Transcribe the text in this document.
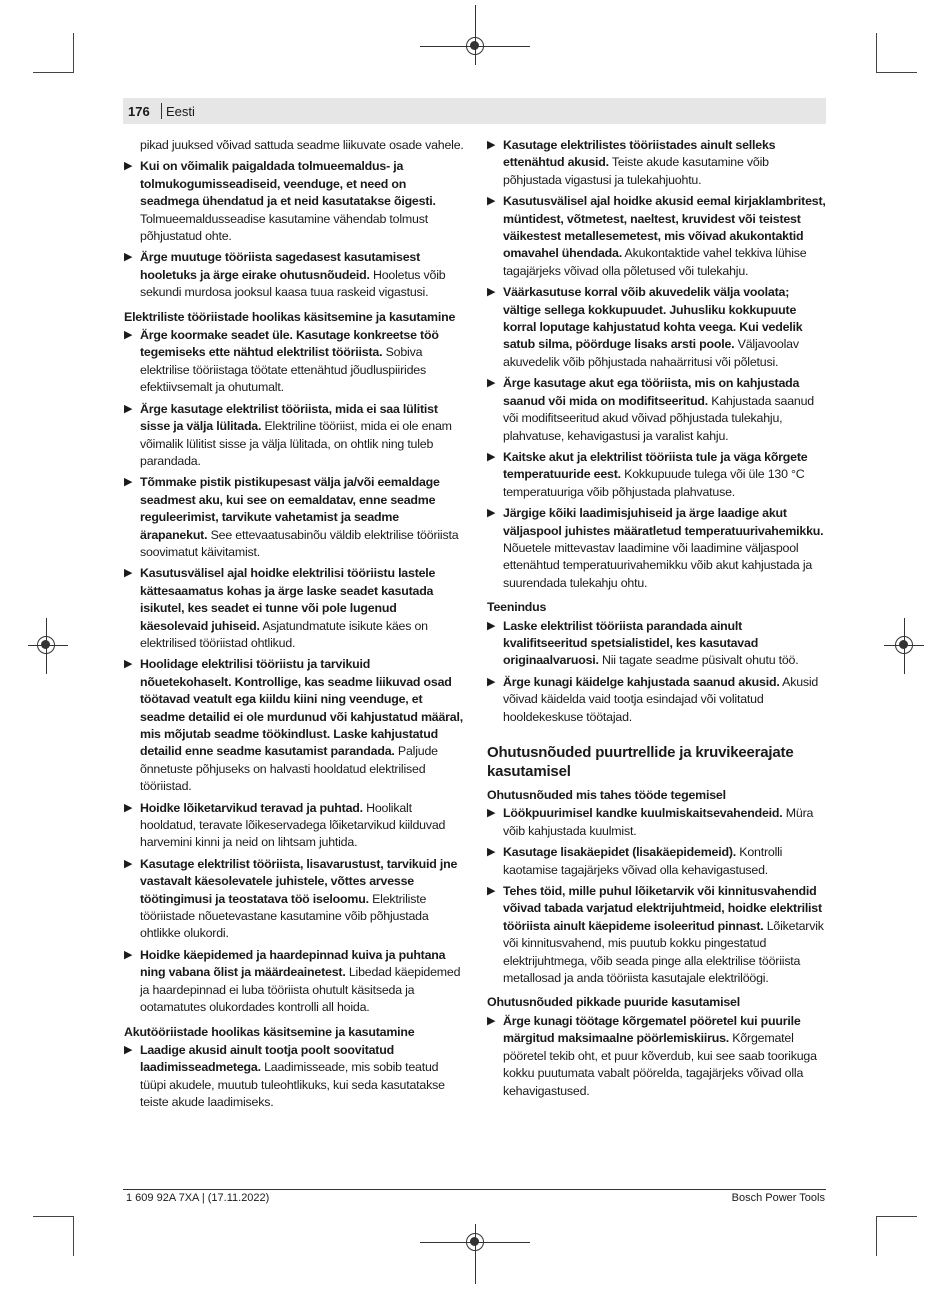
176 Eesti
pikad juuksed võivad sattuda seadme liikuvate osade vahele.
▶ Kui on võimalik paigaldada tolmueemaldus- ja tolmukogumisseadiseid, veenduge, et need on seadmega ühendatud ja et neid kasutatakse õigesti. Tolmueemaldusseadise kasutamine vähendab tolmust põhjustatud ohte.
▶ Ärge muutuge tööriista sagedasest kasutamisest hooletuks ja ärge eirake ohutusnõudeid. Hooletus võib sekundi murdosa jooksul kaasa tuua raskeid vigastusi.
Elektriliste tööriistade hoolikas käsitsemine ja kasutamine
▶ Ärge koormake seadet üle. Kasutage konkreetse töö tegemiseks ette nähtud elektrilist tööriista. Sobiva elektrilise tööriistaga töötate ettenähtud jõudluspiirides efektiivsemalt ja ohutumalt.
▶ Ärge kasutage elektrilist tööriista, mida ei saa lülitist sisse ja välja lülitada. Elektriline tööriist, mida ei ole enam võimalik lülitist sisse ja välja lülitada, on ohtlik ning tuleb parandada.
▶ Tõmmake pistik pistikupesast välja ja/või eemaldage seadmest aku, kui see on eemaldatav, enne seadme reguleerimist, tarvikute vahetamist ja seadme ärapanekut. See ettevaatusabinõu väldib elektrilise tööriista soovimatut käivitamist.
▶ Kasutusvälisel ajal hoidke elektrilisi tööriistu lastele kättesaamatus kohas ja ärge laske seadet kasutada isikutel, kes seadet ei tunne või pole lugenud käesolevaid juhiseid. Asjatundmatute isikute käes on elektrilised tööriistad ohtlikud.
▶ Hoolidage elektrilisi tööriistu ja tarvikuid nõuetekohaselt. Kontrollige, kas seadme liikuvad osad töötavad veatult ega kiildu kiini ning veenduge, et seadme detailid ei ole murdunud või kahjustatud määral, mis mõjutab seadme töökindlust. Laske kahjustatud detailid enne seadme kasutamist parandada. Paljude õnnetuste põhjuseks on halvasti hooldatud elektrilised tööriistad.
▶ Hoidke lõiketarvikud teravad ja puhtad. Hoolikalt hooldatud, teravate lõikeservadega lõiketarvikud kiilduvad harvemini kinni ja neid on lihtsam juhtida.
▶ Kasutage elektrilist tööriista, lisavarustust, tarvikuid jne vastavalt käesolevatele juhistele, võttes arvesse töötingimusi ja teostatava töö iseloomu. Elektriliste tööriistade nõuetevastane kasutamine võib põhjustada ohtlikke olukordi.
▶ Hoidke käepidemed ja haardepinnad kuiva ja puhtana ning vabana õlist ja määrdeainetest. Libedad käepidemed ja haardepinnad ei luba tööriista ohutult käsitseda ja ootamatutes olukordades kontrolli all hoida.
Akutööriistade hoolikas käsitsemine ja kasutamine
▶ Laadige akusid ainult tootja poolt soovitatud laadimisseadmetega. Laadimisseade, mis sobib teatud tüüpi akudele, muutub tuleohtlikuks, kui seda kasutatakse teiste akude laadimiseks.
▶ Kasutage elektrilistes tööriistades ainult selleks ettenähtud akusid. Teiste akude kasutamine võib põhjustada vigastusi ja tulekahjuohtu.
▶ Kasutusvälisel ajal hoidke akusid eemal kirjaklambritest, müntidest, võtmetest, naeltest, kruvidest või teistest väikestest metallesemetest, mis võivad akukontaktid omavahel ühendada. Akukontaktide vahel tekkiva lühise tagajärjeks võivad olla põletused või tulekahju.
▶ Väärkasutuse korral võib akuvedelik välja voolata; vältige sellega kokkupuudet. Juhusliku kokkupuute korral loputage kahjustatud kohta veega. Kui vedelik satub silma, pöörduge lisaks arsti poole. Väljavoolav akuvedelik võib põhjustada nahaärritusi või põletusi.
▶ Ärge kasutage akut ega tööriista, mis on kahjustada saanud või mida on modifitseeritud. Kahjustada saanud või modifitseeritud akud võivad põhjustada tulekahju, plahvatuse, kehavigastusi ja varalist kahju.
▶ Kaitske akut ja elektrilist tööriista tule ja väga kõrgete temperatuuride eest. Kokkupuude tulega või üle 130 °C temperatuuriga võib põhjustada plahvatuse.
▶ Järgige kõiki laadimisjuhiseid ja ärge laadige akut väljaspool juhistes määratletud temperatuurivahemikku. Nõuetele mittevastav laadimine või laadimine väljaspool ettenähtud temperatuurivahemikku võib akut kahjustada ja suurendada tulekahju ohtu.
Teenindus
▶ Laske elektrilist tööriista parandada ainult kvalifitseeritud spetsialistidel, kes kasutavad originaalvaruosi. Nii tagate seadme püsivalt ohutu töö.
▶ Ärge kunagi käidelge kahjustada saanud akusid. Akusid võivad käidelda vaid tootja esindajad või volitatud hooldekeskuse töötajad.
Ohutusnõuded puurtrellide ja kruvikeerajate kasutamisel
Ohutusnõuded mis tahes tööde tegemisel
▶ Löökpuurimisel kandke kuulmiskaitsevahendeid. Müra võib kahjustada kuulmist.
▶ Kasutage lisakäepidet (lisakäepidemeid). Kontrolli kaotamise tagajärjeks võivad olla kehavigastused.
▶ Tehes töid, mille puhul lõiketarvik või kinnitusvahendid võivad tabada varjatud elektrijuhtmeid, hoidke elektrilist tööriista ainult käepideme isoleeritud pinnast. Lõiketarvik või kinnitusvahend, mis puutub kokku pingestatud elektrijuhtmega, võib seada pinge alla elektrilise tööriista metallosad ja anda tööriista kasutajale elektrilöögi.
Ohutusnõuded pikkade puuride kasutamisel
▶ Ärge kunagi töötage kõrgematel pööretel kui puurile märgitud maksimaalne pöörlemiskiirus. Kõrgematel pööretel tekib oht, et puur kõverdub, kui see saab toorikuga kokku puutumata vabalt pöörelda, tagajärjeks võivad olla kehavigastused.
1 609 92A 7XA | (17.11.2022)	Bosch Power Tools
